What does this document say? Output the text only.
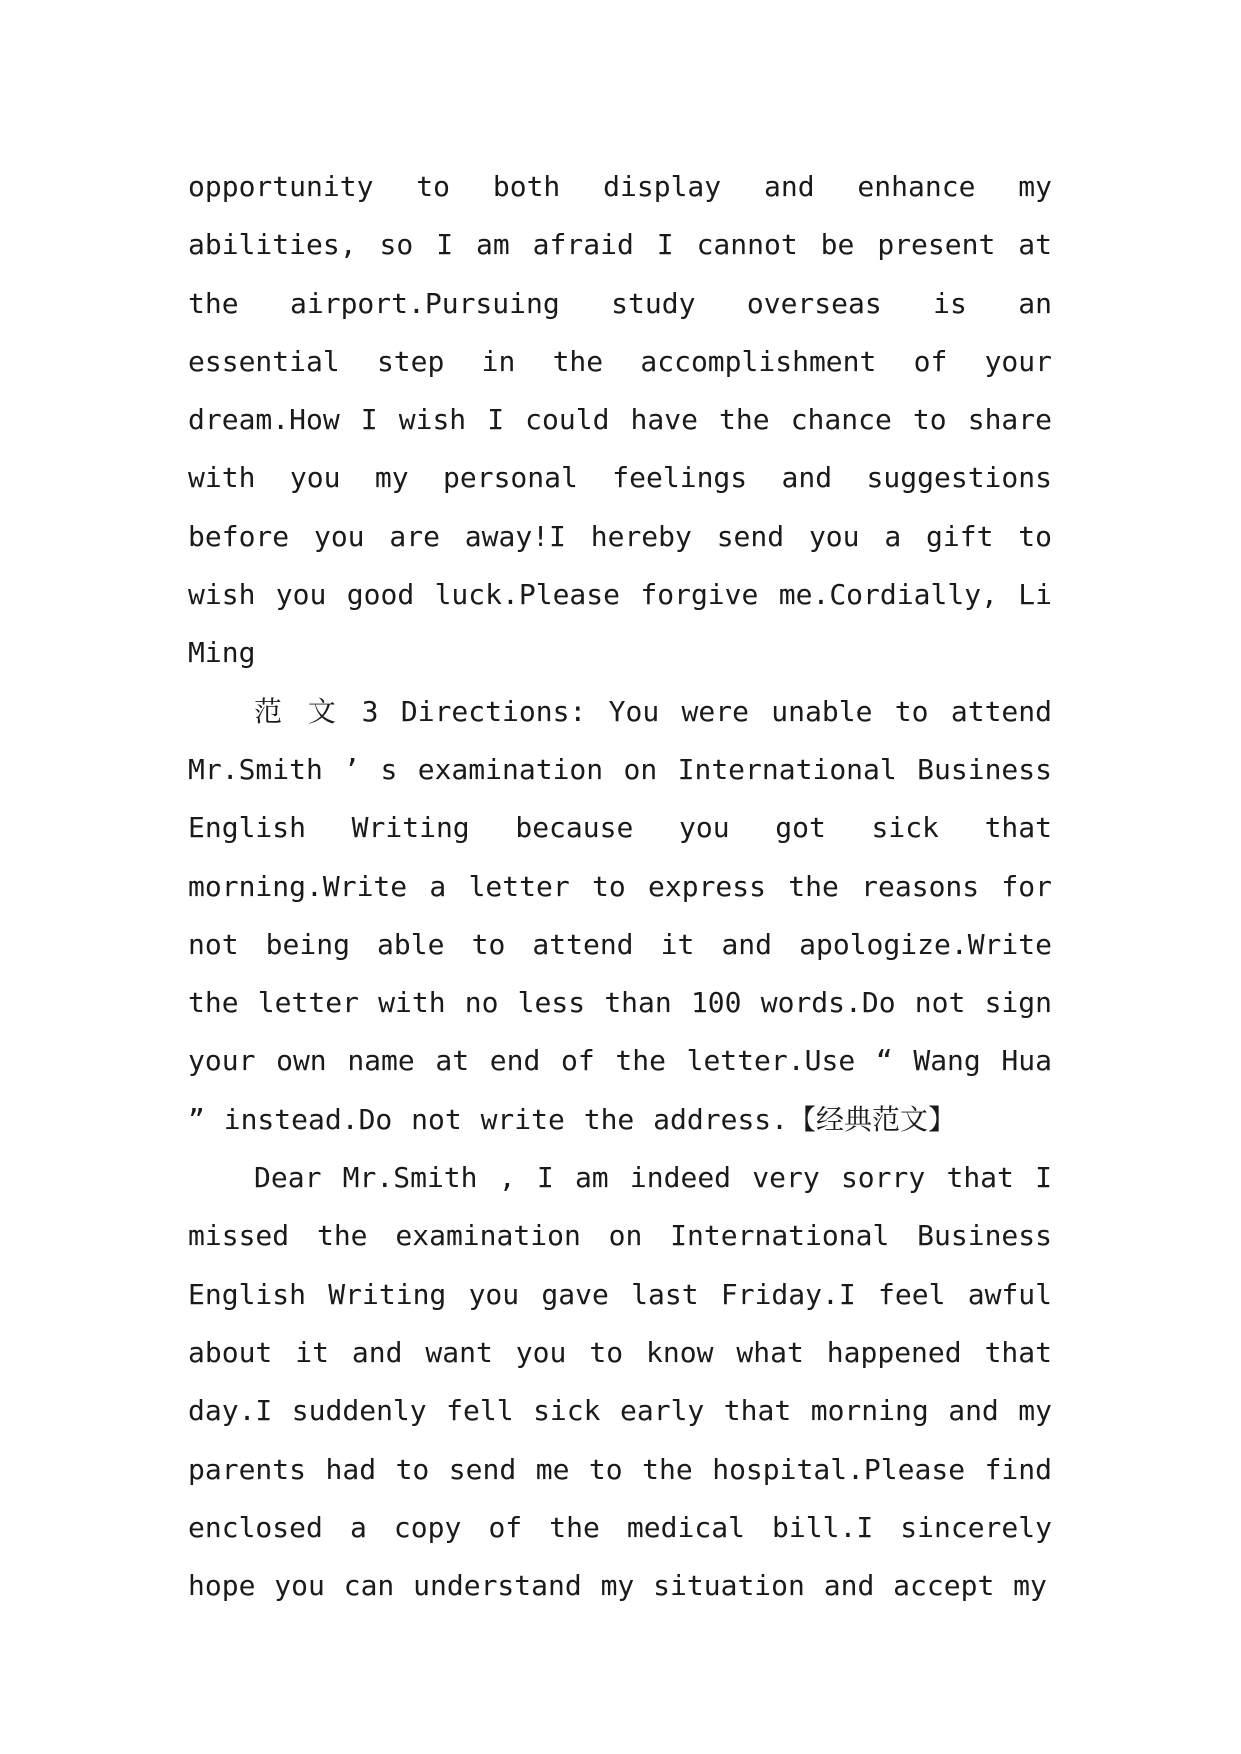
opportunity to both display and enhance my abilities, so I am afraid I cannot be present at the airport.Pursuing study overseas is an essential step in the accomplishment of your dream.How I wish I could have the chance to share with you my personal feelings and suggestions before you are away!I hereby send you a gift to wish you good luck.Please forgive me.Cordially, Li Ming

范 文 3 Directions: You were unable to attend Mr.Smith ’ s examination on International Business English Writing because you got sick that morning.Write a letter to express the reasons for not being able to attend it and apologize.Write the letter with no less than 100 words.Do not sign your own name at end of the letter.Use “ Wang Hua ” instead.Do not write the address.【经典范文】

Dear Mr.Smith , I am indeed very sorry that I missed the examination on International Business English Writing you gave last Friday.I feel awful about it and want you to know what happened that day.I suddenly fell sick early that morning and my parents had to send me to the hospital.Please find enclosed a copy of the medical bill.I sincerely hope you can understand my situation and accept my
